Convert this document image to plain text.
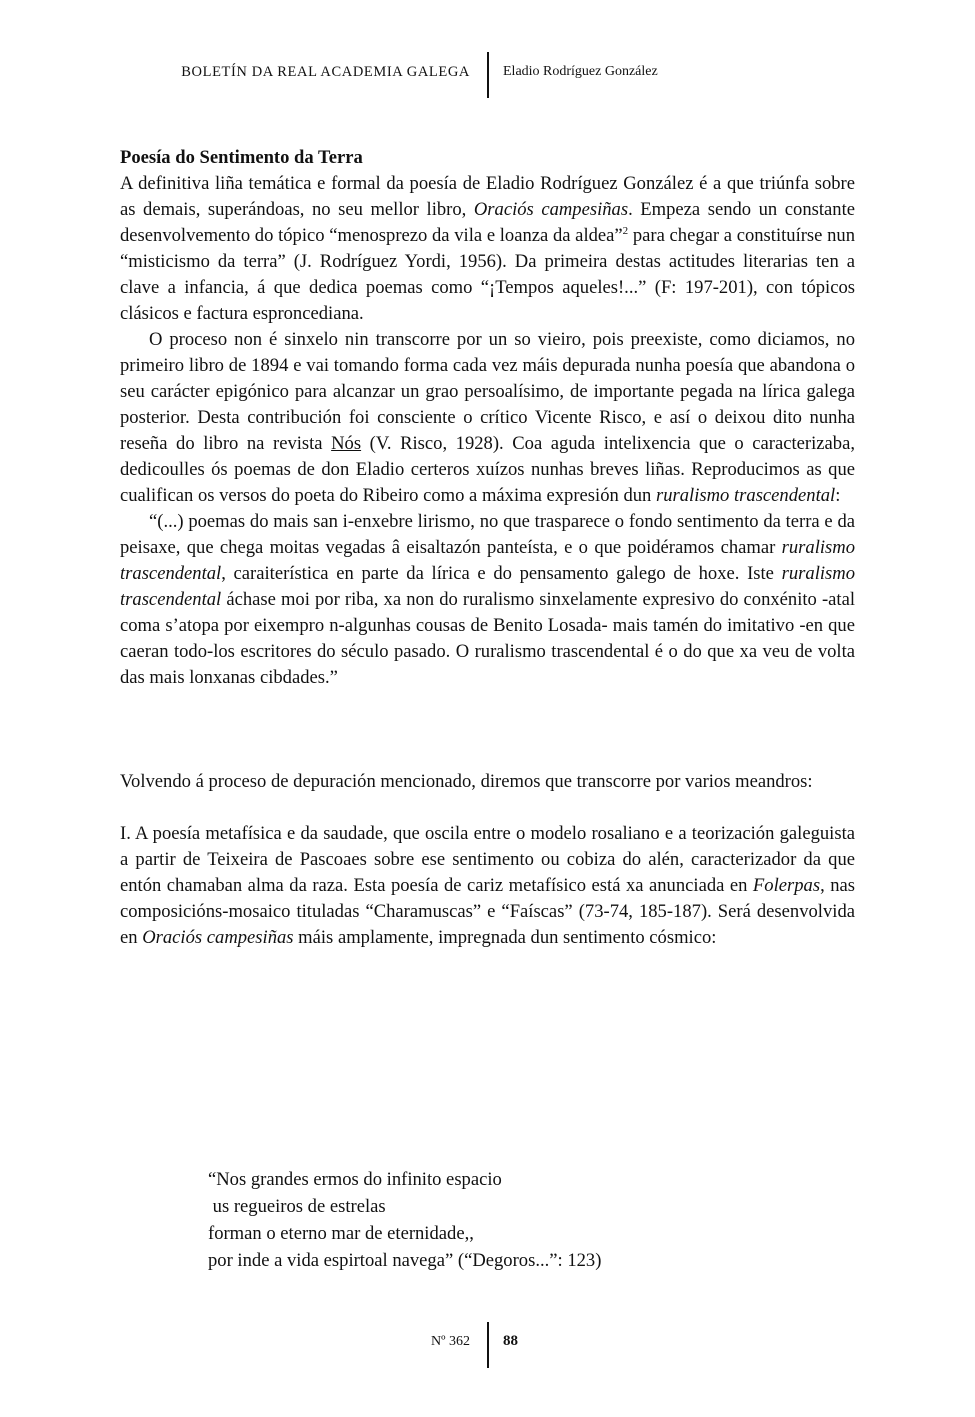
BOLETÍN DA REAL ACADEMIA GALEGA Eladio Rodríguez González
Poesía do Sentimento da Terra

A definitiva liña temática e formal da poesía de Eladio Rodríguez González é a que triúnfa sobre as demais, superándoas, no seu mellor libro, Oraciós campesiñas. Empeza sendo un constante desenvolvemento do tópico “menosprezo da vila e loanza da aldea”$^2$ para chegar a constituírse nun “misticismo da terra” (J. Rodríguez Yordi, 1956). Da primeira destas actitudes literarias ten a clave a infancia, á que dedica poemas como “¡Tempos aqueles!...” (F: 197-201), con tópicos clásicos e factura esproncediana.

O proceso non é sinxelo nin transcorre por un so vieiro, pois preexiste, como diciamos, no primeiro libro de 1894 e vai tomando forma cada vez máis depurada nunha poesía que abandona o seu carácter epigónico para alcanzar un grao persoalísimo, de importante pegada na lírica galega posterior. Desta contribución foi consciente o crítico Vicente Risco, e así o deixou dito nunha reseña do libro na revista Nós (V. Risco, 1928). Coa aguda intelixencia que o caracterizaba, dedicoulles ós poemas de don Eladio certeros xuízos nunhas breves liñas. Reproducimos as que cualifican os versos do poeta do Ribeiro como a máxima expresión dun ruralismo trascendental:

“(...) poemas do mais san i-enxebre lirismo, no que trasparece o fondo sentimento da terra e da peisaxe, que chega moitas vegadas â eisaltazón panteísta, e o que poidéramos chamar ruralismo trascendental, caraiterística en parte da lírica e do pensamento galego de hoxe. Iste ruralismo trascendental áchase moi por riba, xa non do ruralismo sinxelamente expresivo do conxénito -atal coma s’atopa por eixempro n-algunhas cousas de Benito Losada- mais tamén do imitativo -en que caeran todo-los escritores do século pasado. O ruralismo trascendental é o do que xa veu de volta das mais lonxanas cibdades.”

Volvendo á proceso de depuración mencionado, diremos que transcorre por varios meandros:

I. A poesía metafísica e da saudade, que oscila entre o modelo rosaliano e a teorización galeguista a partir de Teixeira de Pascoaes sobre ese sentimento ou cobiza do alén, caracterizador da que entón chamaban alma da raza. Esta poesía de cariz metafísico está xa anunciada en Folerpas, nas composicións-mosaico tituladas “Charamuscas” e “Faíscas” (73-74, 185-187). Será desenvolvida en Oraciós campesiñas máis amplamente, impregnada dun sentimento cósmico:

“Nos grandes ermos do infinito espacio
us regueiros de estrelas
forman o eterno mar de eternidade,,
por inde a vida espirtoal navega” (“Degoros...”: 123)
Nº 362 88
